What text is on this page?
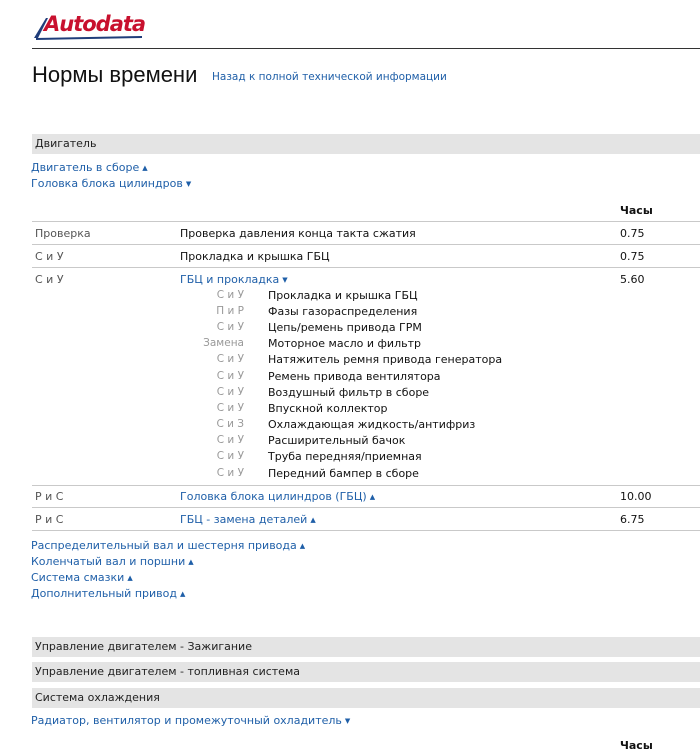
Autodata
Нормы времени Назад к полной технической информации
Двигатель
Двигатель в сборе ▲
Головка блока цилиндров ▼
Часы
Проверка	Проверка давления конца такта сжатия	0.75
С и У	Прокладка и крышка ГБЦ	0.75
С и У	ГБЦ и прокладка ▼	5.60
С и У Прокладка и крышка ГБЦ
П и Р Фазы газораспределения
С и У Цепь/ремень привода ГРМ
Замена Моторное масло и фильтр
С и У Натяжитель ремня привода генератора
С и У Ремень привода вентилятора
С и У Воздушный фильтр в сборе
С и У Впускной коллектор
С и З Охлаждающая жидкость/антифриз
С и У Расширительный бачок
С и У Труба передняя/приемная
С и У Передний бампер в сборе
Р и С	Головка блока цилиндров (ГБЦ) ▲	10.00
Р и С	ГБЦ - замена деталей ▲	6.75
Распределительный вал и шестерня привода ▲
Коленчатый вал и поршни ▲
Система смазки ▲
Дополнительный привод ▲
Управление двигателем - Зажигание
Управление двигателем - топливная система
Система охлаждения
Радиатор, вентилятор и промежуточный охладитель ▼
Часы
